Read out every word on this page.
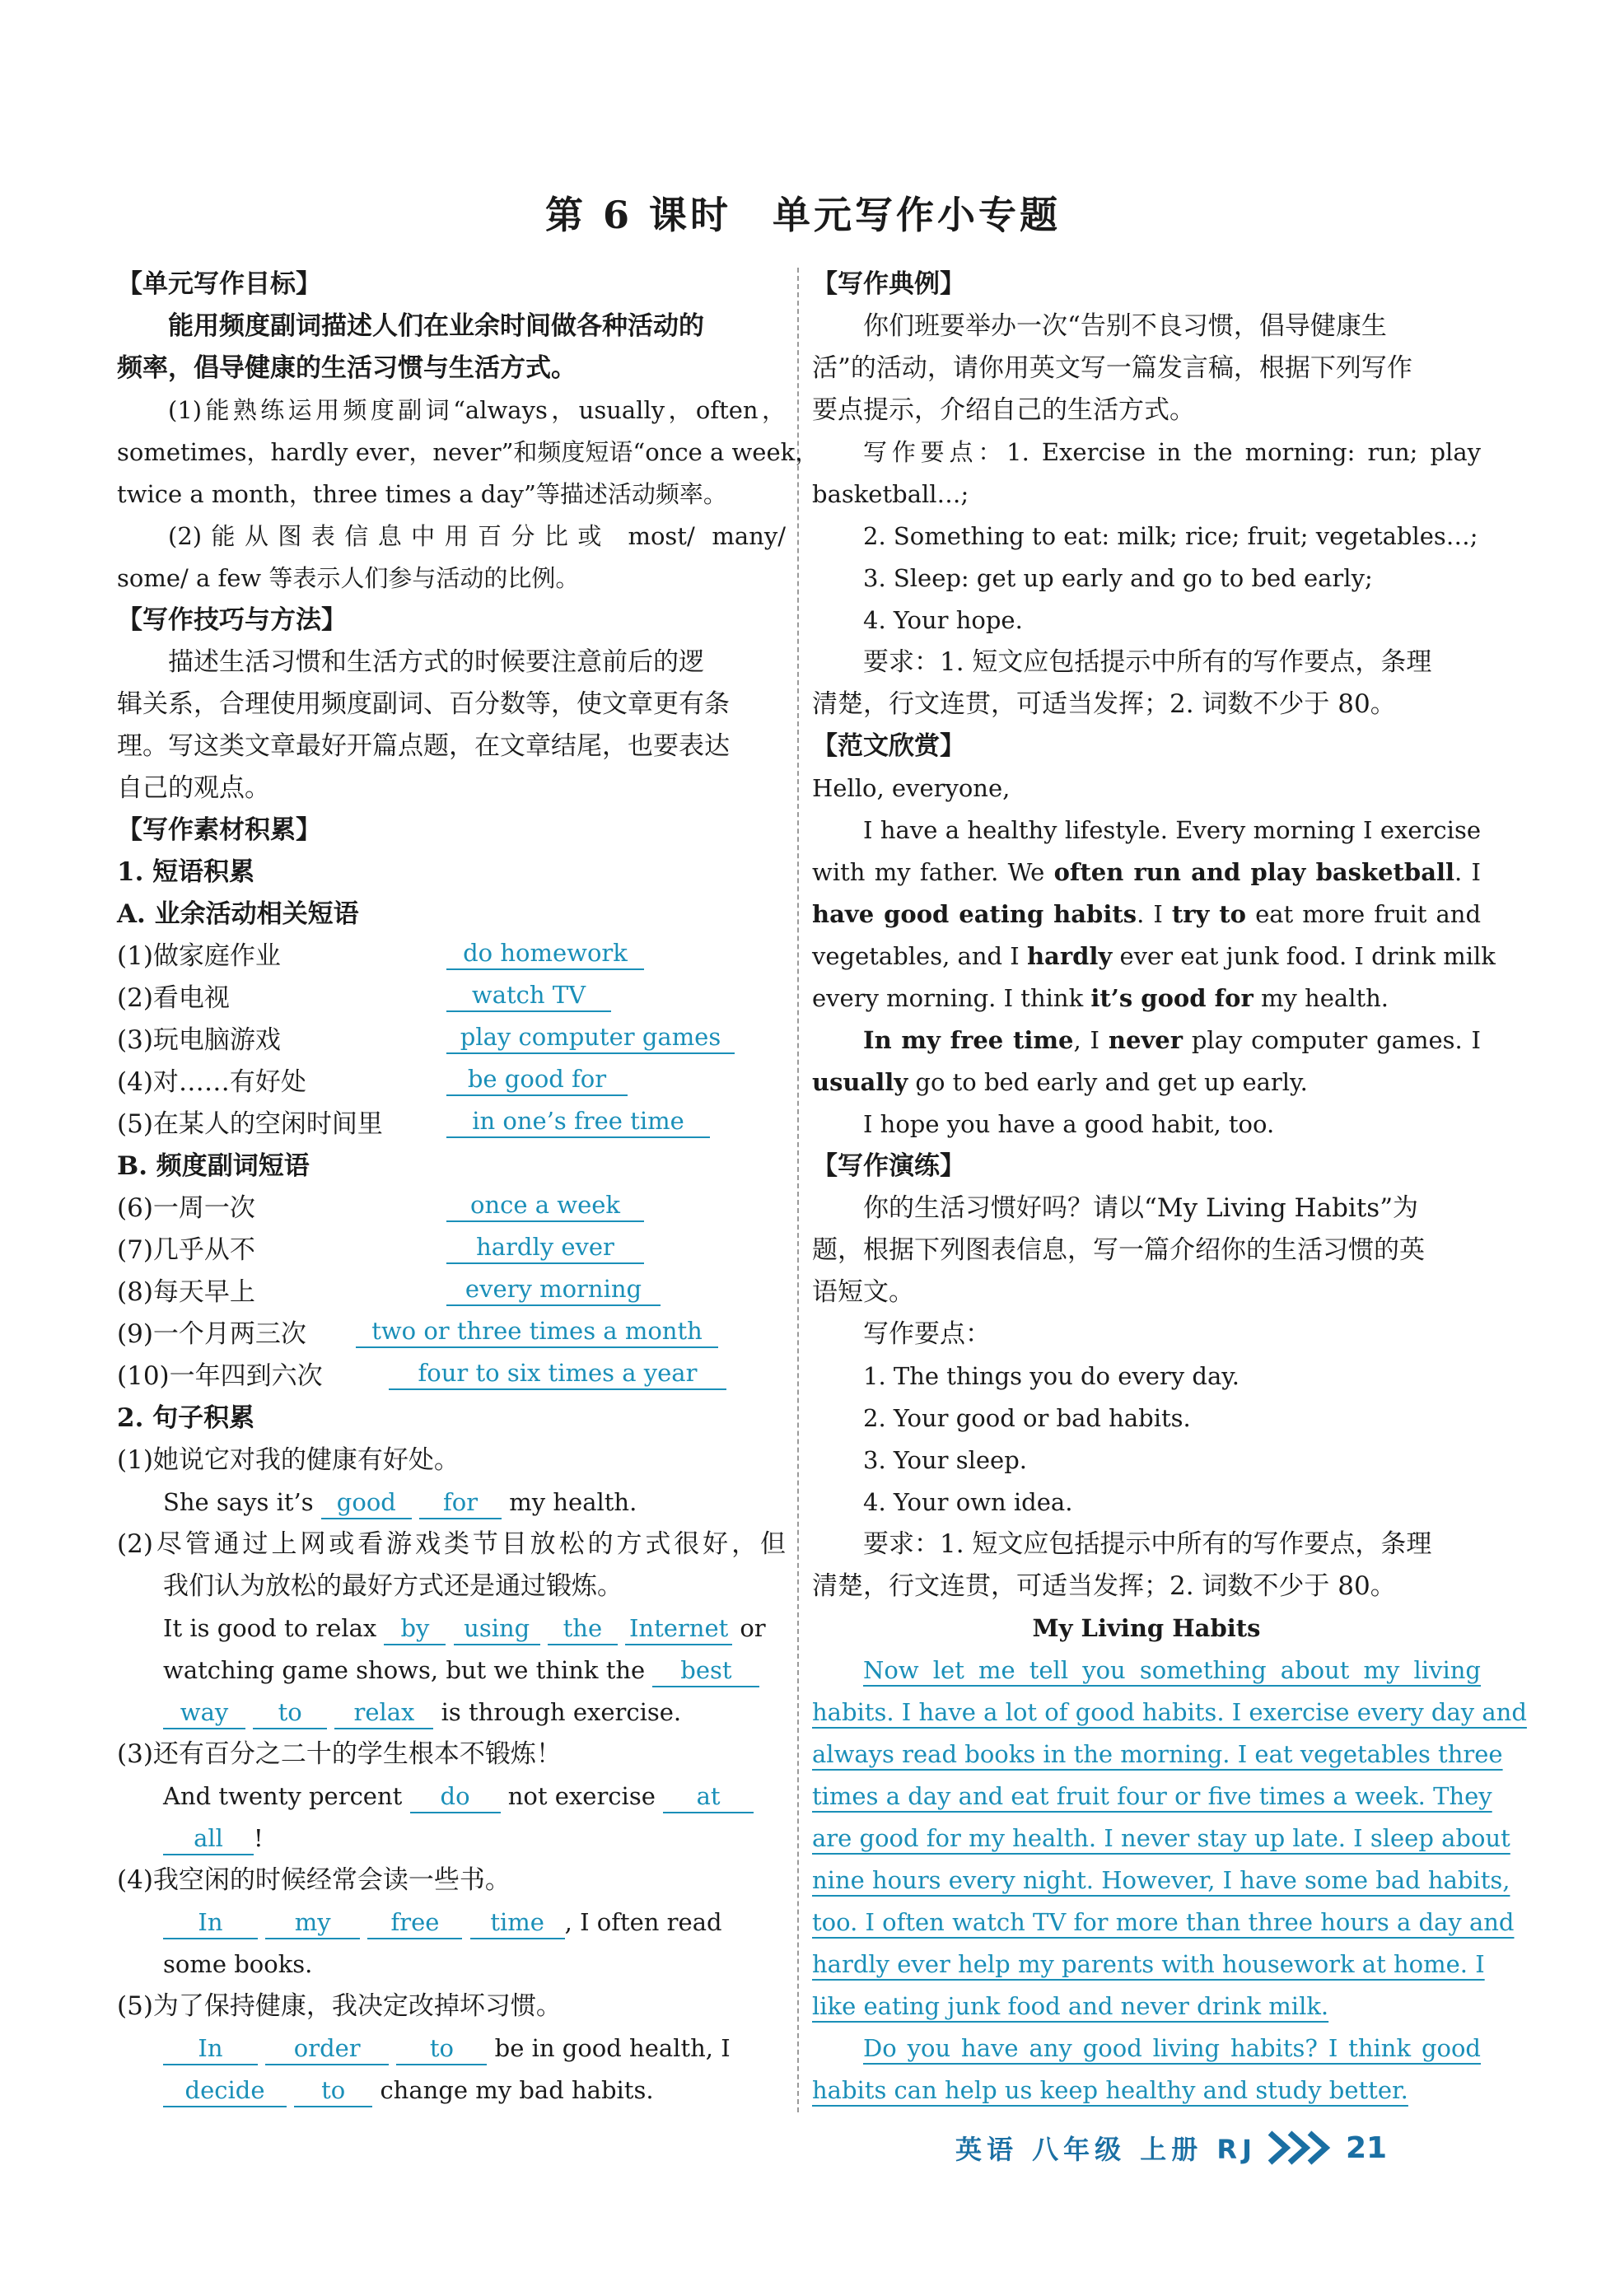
第 6 课时 单元写作小专题
【单元写作目标】
能用频度副词描述人们在业余时间做各种活动的
频率，倡导健康的生活习惯与生活方式。
(1)能熟练运用频度副词“always，usually，often，
sometimes，hardly ever，never”和频度短语“once a week，
twice a month，three times a day”等描述活动频率。
(2)能从图表信息中用百分比或 most/ many/
some/ a few 等表示人们参与活动的比例。
【写作技巧与方法】
描述生活习惯和生活方式的时候要注意前后的逻
辑关系，合理使用频度副词、百分数等，使文章更有条
理。写这类文章最好开篇点题，在文章结尾，也要表达
自己的观点。
【写作素材积累】
1. 短语积累
A. 业余活动相关短语
(1)做家庭作业	do homework
(2)看电视	watch TV
(3)玩电脑游戏	play computer games
(4)对……有好处	be good for
(5)在某人的空闲时间里	in one’s free time
B. 频度副词短语
(6)一周一次	once a week
(7)几乎从不	hardly ever
(8)每天早上	every morning
(9)一个月两三次	two or three times a month
(10)一年四到六次	four to six times a year
2. 句子积累
(1)她说它对我的健康有好处。
She says it’s good for my health.
(2)尽管通过上网或看游戏类节目放松的方式很好，但
我们认为放松的最好方式还是通过锻炼。
It is good to relax by using the Internet or
watching game shows, but we think the best
way to relax is through exercise.
(3)还有百分之二十的学生根本不锻炼！
And twenty percent do not exercise at
all !
(4)我空闲的时候经常会读一些书。
In	my	free time , I often read
some books.
(5)为了保持健康，我决定改掉坏习惯。
In	order	to be in good health, I
decide to change my bad habits.
【写作典例】
你们班要举办一次“告别不良习惯，倡导健康生
活”的活动，请你用英文写一篇发言稿，根据下列写作
要点提示，介绍自己的生活方式。
写作要点：1. Exercise in the morning: run; play
basketball…;
2. Something to eat: milk; rice; fruit; vegetables…;
3. Sleep: get up early and go to bed early;
4. Your hope.
要求：1. 短文应包括提示中所有的写作要点，条理
清楚，行文连贯，可适当发挥；2. 词数不少于 80。
【范文欣赏】
Hello, everyone,
I have a healthy lifestyle. Every morning I exercise
with my father. We often run and play basketball. I
have good eating habits. I try to eat more fruit and
vegetables, and I hardly ever eat junk food. I drink milk
every morning. I think it’s good for my health.
In my free time, I never play computer games. I
usually go to bed early and get up early.
I hope you have a good habit, too.
【写作演练】
你的生活习惯好吗？请以“My Living Habits”为
题，根据下列图表信息，写一篇介绍你的生活习惯的英
语短文。
写作要点：
1. The things you do every day.
2. Your good or bad habits.
3. Your sleep.
4. Your own idea.
要求：1. 短文应包括提示中所有的写作要点，条理
清楚，行文连贯，可适当发挥；2. 词数不少于 80。
My Living Habits
Now let me tell you something about my living
habits. I have a lot of good habits. I exercise every day and
always read books in the morning. I eat vegetables three
times a day and eat fruit four or five times a week. They
are good for my health. I never stay up late. I sleep about
nine hours every night. However, I have some bad habits,
too. I often watch TV for more than three hours a day and
hardly ever help my parents with housework at home. I
like eating junk food and never drink milk.
Do you have any good living habits? I think good
habits can help us keep healthy and study better.
英语 八年级 上册 RJ	21
